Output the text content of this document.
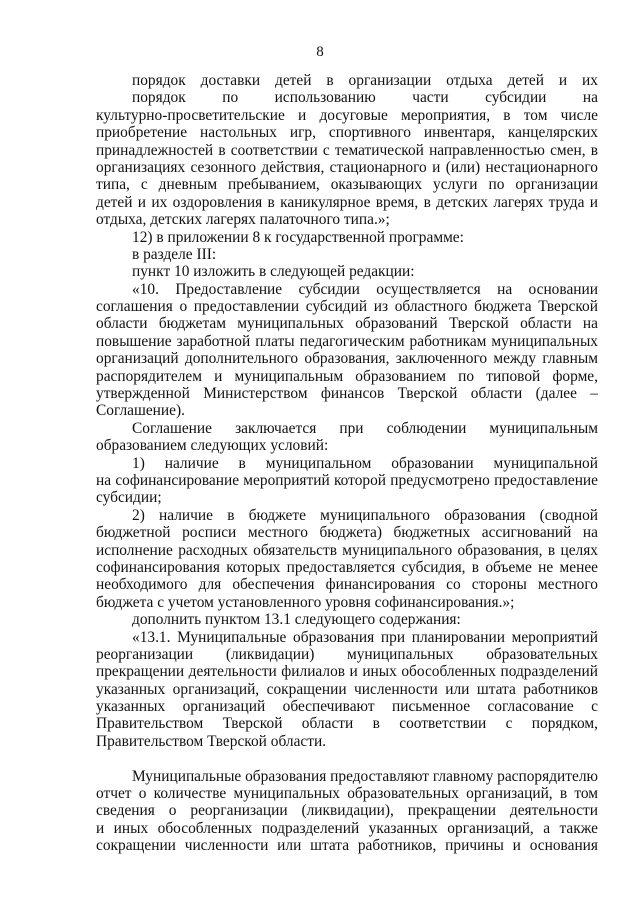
8
порядок доставки детей в организации отдыха детей и их
порядок по использованию части субсидии на
культурно-просветительские и досуговые мероприятия, в том числе
приобретение настольных игр, спортивного инвентаря, канцелярских
принадлежностей в соответствии с тематической направленностью смен, в
организациях сезонного действия, стационарного и (или) нестационарного
типа, с дневным пребыванием, оказывающих услуги по организации
детей и их оздоровления в каникулярное время, в детских лагерях труда и
отдыха, детских лагерях палаточного типа.»;
12) в приложении 8 к государственной программе:
в разделе III:
пункт 10 изложить в следующей редакции:
«10. Предоставление субсидии осуществляется на основании
соглашения о предоставлении субсидий из областного бюджета Тверской
области бюджетам муниципальных образований Тверской области на
повышение заработной платы педагогическим работникам муниципальных
организаций дополнительного образования, заключенного между главным
распорядителем и муниципальным образованием по типовой форме,
утвержденной Министерством финансов Тверской области (далее –
Соглашение).
Соглашение заключается при соблюдении муниципальным
образованием следующих условий:
1) наличие в муниципальном образовании муниципальной
на софинансирование мероприятий которой предусмотрено предоставление
субсидии;
2) наличие в бюджете муниципального образования (сводной
бюджетной росписи местного бюджета) бюджетных ассигнований на
исполнение расходных обязательств муниципального образования, в целях
софинансирования которых предоставляется субсидия, в объеме не менее
необходимого для обеспечения финансирования со стороны местного
бюджета с учетом установленного уровня софинансирования.»;
дополнить пунктом 13.1 следующего содержания:
«13.1. Муниципальные образования при планировании мероприятий
реорганизации (ликвидации) муниципальных образовательных
прекращении деятельности филиалов и иных обособленных подразделений
указанных организаций, сокращении численности или штата работников
указанных организаций обеспечивают письменное согласование с
Правительством Тверской области в соответствии с порядком,
Правительством Тверской области.
Муниципальные образования предоставляют главному распорядителю
отчет о количестве муниципальных образовательных организаций, в том
сведения о реорганизации (ликвидации), прекращении деятельности
и иных обособленных подразделений указанных организаций, а также
сокращении численности или штата работников, причины и основания
